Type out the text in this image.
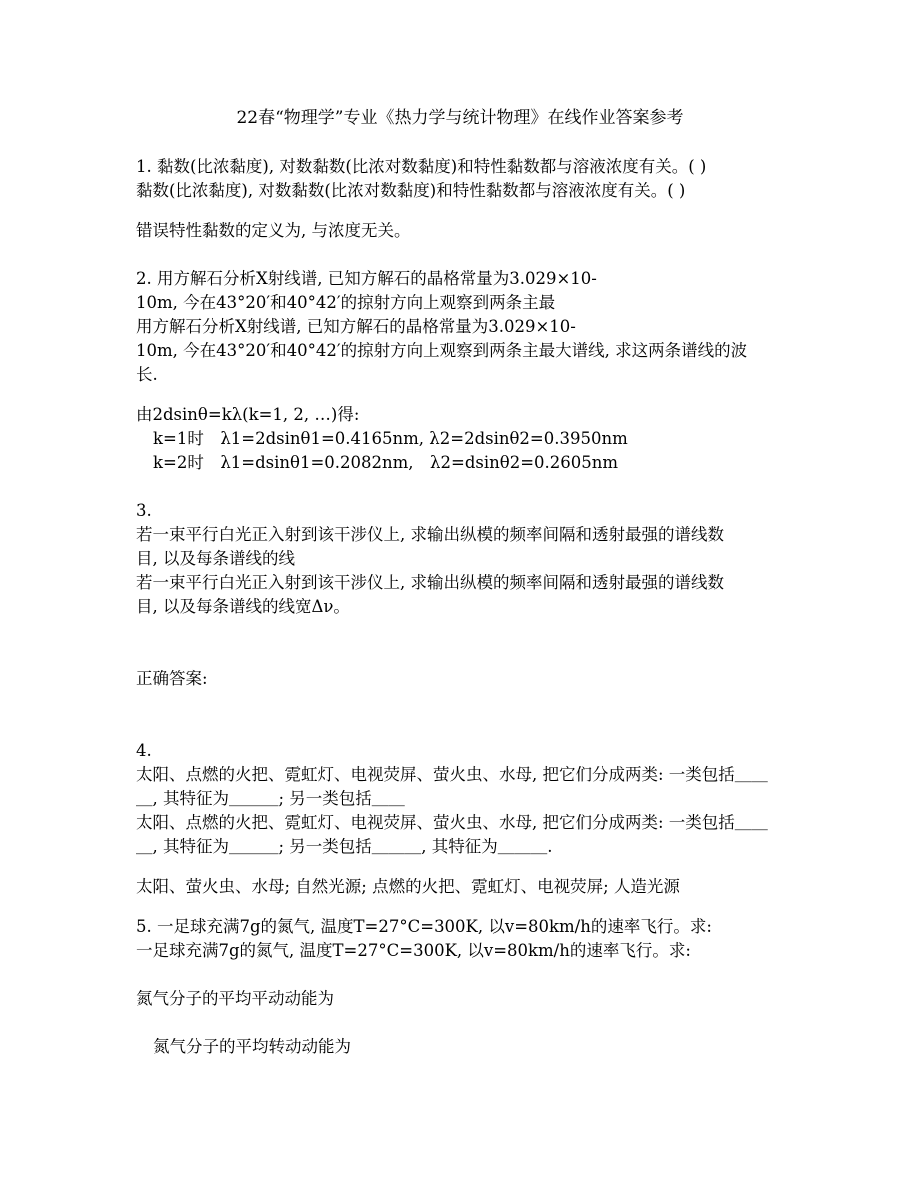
22春“物理学”专业《热力学与统计物理》在线作业答案参考
1. 黏数(比浓黏度), 对数黏数(比浓对数黏度)和特性黏数都与溶液浓度有关。( )
黏数(比浓黏度), 对数黏数(比浓对数黏度)和特性黏数都与溶液浓度有关。( )
错误特性黏数的定义为, 与浓度无关。
2. 用方解石分析X射线谱, 已知方解石的晶格常量为3.029×10-
10m, 今在43°20′和40°42′的掠射方向上观察到两条主最
用方解石分析X射线谱, 已知方解石的晶格常量为3.029×10-
10m, 今在43°20′和40°42′的掠射方向上观察到两条主最大谱线, 求这两条谱线的波
长.
由2dsinθ=kλ(k=1, 2, …)得:
k=1时　λ1=2dsinθ1=0.4165nm, λ2=2dsinθ2=0.3950nm
k=2时　λ1=dsinθ1=0.2082nm,　λ2=dsinθ2=0.2605nm
3.
若一束平行白光正入射到该干涉仪上, 求输出纵模的频率间隔和透射最强的谱线数
目, 以及每条谱线的线
若一束平行白光正入射到该干涉仪上, 求输出纵模的频率间隔和透射最强的谱线数
目, 以及每条谱线的线宽Δν。
正确答案:
4.
太阳、点燃的火把、霓虹灯、电视荧屏、萤火虫、水母, 把它们分成两类: 一类包括＿＿
＿, 其特征为＿＿＿; 另一类包括＿＿
太阳、点燃的火把、霓虹灯、电视荧屏、萤火虫、水母, 把它们分成两类: 一类包括＿＿
＿, 其特征为＿＿＿; 另一类包括＿＿＿, 其特征为＿＿＿.
太阳、萤火虫、水母; 自然光源; 点燃的火把、霓虹灯、电视荧屏; 人造光源
5. 一足球充满7g的氮气, 温度T=27°C=300K, 以v=80km/h的速率飞行。求:
一足球充满7g的氮气, 温度T=27°C=300K, 以v=80km/h的速率飞行。求:
氮气分子的平均平动动能为
氮气分子的平均转动动能为
